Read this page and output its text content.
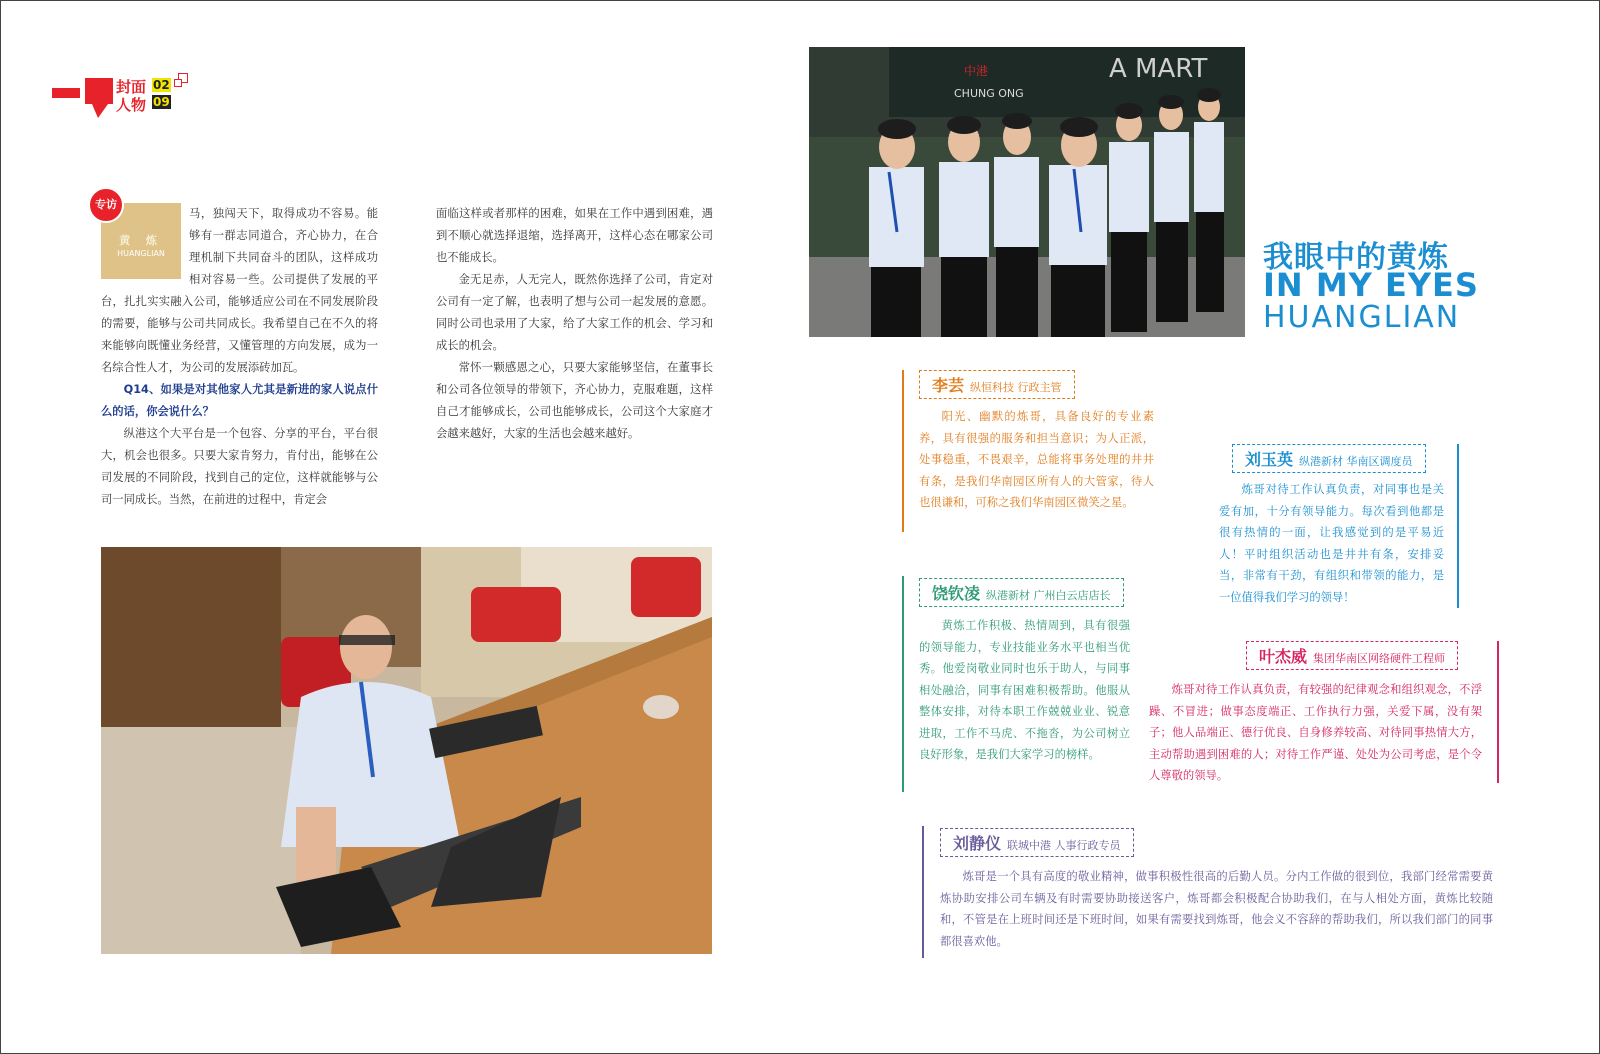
封面
人物
02
09
专访
黄 炼
HUANGLIAN

马，独闯天下，取得成功不容易。能够有一群志同道合，齐心协力，在合理机制下共同奋斗的团队，这样成功相对容易一些。公司提供了发展的平台，扎扎实实融入公司，能够适应公司在不同发展阶段的需要，能够与公司共同成长。我希望自己在不久的将来能够向既懂业务经营，又懂管理的方向发展，成为一名综合性人才，为公司的发展添砖加瓦。

Q14、如果是对其他家人尤其是新进的家人说点什么的话，你会说什么？

纵港这个大平台是一个包容、分享的平台，平台很大，机会也很多。只要大家肯努力，肯付出，能够在公司发展的不同阶段，找到自己的定位，这样就能够与公司一同成长。当然，在前进的过程中，肯定会

面临这样或者那样的困难，如果在工作中遇到困难，遇到不顺心就选择退缩，选择离开，这样心态在哪家公司也不能成长。

金无足赤，人无完人，既然你选择了公司，肯定对公司有一定了解，也表明了想与公司一起发展的意愿。同时公司也录用了大家，给了大家工作的机会、学习和成长的机会。

常怀一颗感恩之心，只要大家能够坚信，在董事长和公司各位领导的带领下，齐心协力，克服难题，这样自己才能够成长，公司也能够成长，公司这个大家庭才会越来越好，大家的生活也会越来越好。

中港
CHUNG ONG
A MART
我眼中的黄炼
IN MY EYES
HUANGLIAN
李芸 纵恒科技 行政主管

阳光、幽默的炼哥，具备良好的专业素养，具有很强的服务和担当意识；为人正派，处事稳重，不畏艰辛，总能将事务处理的井井有条，是我们华南园区所有人的大管家，待人也很谦和，可称之我们华南园区微笑之星。

刘玉英 纵港新材 华南区调度员

炼哥对待工作认真负责，对同事也是关爱有加，十分有领导能力。每次看到他都是很有热情的一面，让我感觉到的是平易近人！平时组织活动也是井井有条，安排妥当，非常有干劲，有组织和带领的能力，是一位值得我们学习的领导！

饶钦凌 纵港新材 广州白云店店长

黄炼工作积极、热情周到，具有很强的领导能力，专业技能业务水平也相当优秀。他爱岗敬业同时也乐于助人，与同事相处融洽，同事有困难积极帮助。他服从整体安排，对待本职工作兢兢业业、锐意进取，工作不马虎、不拖沓，为公司树立良好形象，是我们大家学习的榜样。

叶杰威 集团华南区网络硬件工程师

炼哥对待工作认真负责，有较强的纪律观念和组织观念，不浮躁、不冒进；做事态度端正、工作执行力强，关爱下属，没有架子；他人品端正、德行优良、自身修养较高、对待同事热情大方，主动帮助遇到困难的人；对待工作严谨、处处为公司考虑，是个令人尊敬的领导。

刘静仪 联城中港 人事行政专员

炼哥是一个具有高度的敬业精神，做事积极性很高的后勤人员。分内工作做的很到位，我部门经常需要黄炼协助安排公司车辆及有时需要协助接送客户，炼哥都会积极配合协助我们，在与人相处方面，黄炼比较随和，不管是在上班时间还是下班时间，如果有需要找到炼哥，他会义不容辞的帮助我们，所以我们部门的同事都很喜欢他。
